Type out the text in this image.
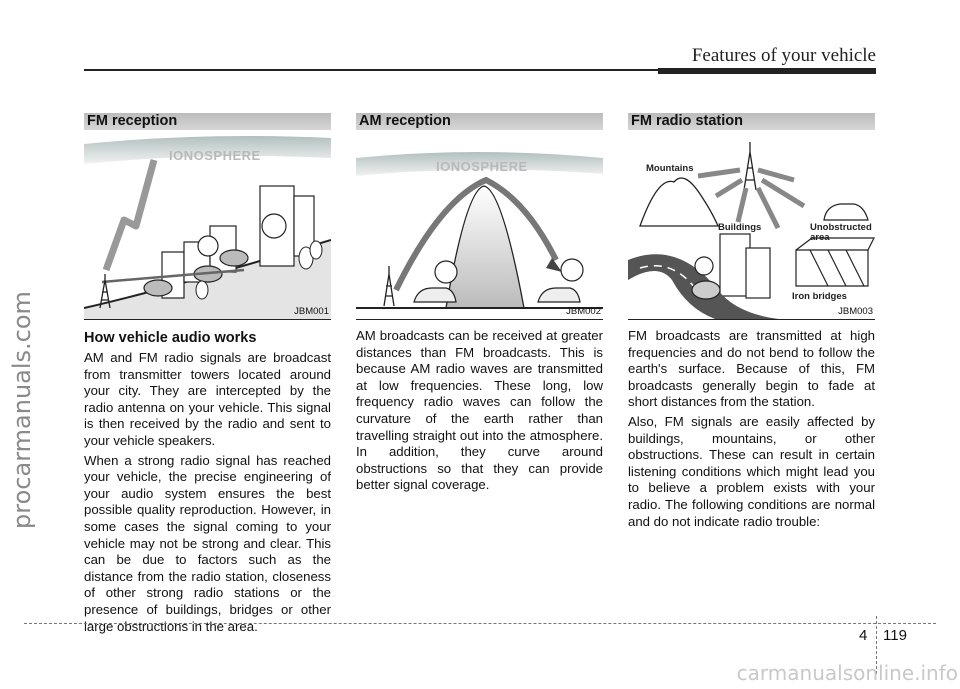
procarmanuals.com
Features of your vehicle
FM reception
IONOSPHERE
JBM001
How vehicle audio works

AM and FM radio signals are broadcast from transmitter towers located around your city. They are intercepted by the radio antenna on your vehicle. This signal is then received by the radio and sent to your vehicle speakers.

When a strong radio signal has reached your vehicle, the precise engineering of your audio system ensures the best possible quality reproduction. However, in some cases the signal coming to your vehicle may not be strong and clear. This can be due to factors such as the distance from the radio station, closeness of other strong radio stations or the presence of buildings, bridges or other large obstructions in the area.

AM reception
IONOSPHERE
JBM002

AM broadcasts can be received at greater distances than FM broadcasts. This is because AM radio waves are transmitted at low frequencies. These long, low frequency radio waves can follow the curvature of the earth rather than travelling straight out into the atmosphere. In addition, they curve around obstructions so that they can provide better signal coverage.

FM radio station
Mountains
Buildings	Unobstructed area
Iron bridges
JBM003

FM broadcasts are transmitted at high frequencies and do not bend to follow the earth's surface. Because of this, FM broadcasts generally begin to fade at short distances from the station.

Also, FM signals are easily affected by buildings, mountains, or other obstructions. These can result in certain listening conditions which might lead you to believe a problem exists with your radio. The following conditions are normal and do not indicate radio trouble:

4 119
carmanualsonline.info
